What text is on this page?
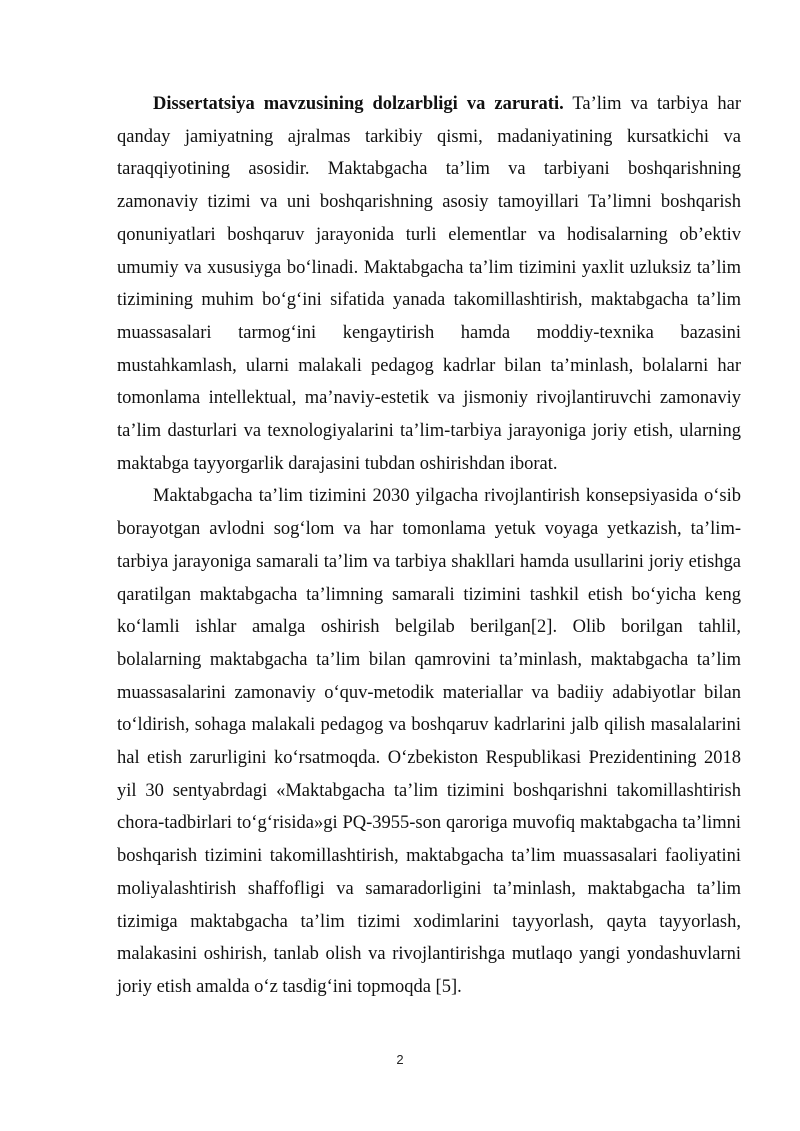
Dissertatsiya mavzusining dolzarbligi va zarurati. Ta’lim va tarbiya har qanday jamiyatning ajralmas tarkibiy qismi, madaniyatining kursatkichi va taraqqiyotining asosidir. Maktabgacha ta’lim va tarbiyani boshqarishning zamonaviy tizimi va uni boshqarishning asosiy tamoyillari Ta’limni boshqarish qonuniyatlari boshqaruv jarayonida turli elementlar va hodisalarning ob’ektiv umumiy va xususiyga bo‘linadi. Maktabgacha ta’lim tizimini yaxlit uzluksiz ta’lim tizimining muhim bo‘g‘ini sifatida yanada takomillashtirish, maktabgacha ta’lim muassasalari tarmog‘ini kengaytirish hamda moddiy-texnika bazasini mustahkamlash, ularni malakali pedagog kadrlar bilan ta’minlash, bolalarni har tomonlama intellektual, ma’naviy-estetik va jismoniy rivojlantiruvchi zamonaviy ta’lim dasturlari va texnologiyalarini ta’lim-tarbiya jarayoniga joriy etish, ularning maktabga tayyorgarlik darajasini tubdan oshirishdan iborat.

Maktabgacha ta’lim tizimini 2030 yilgacha rivojlantirish konsepsiyasida o‘sib borayotgan avlodni sog‘lom va har tomonlama yetuk voyaga yetkazish, ta’lim-tarbiya jarayoniga samarali ta’lim va tarbiya shakllari hamda usullarini joriy etishga qaratilgan maktabgacha ta’limning samarali tizimini tashkil etish bo‘yicha keng ko‘lamli ishlar amalga oshirish belgilab berilgan[2]. Olib borilgan tahlil, bolalarning maktabgacha ta’lim bilan qamrovini ta’minlash, maktabgacha ta’lim muassasalarini zamonaviy o‘quv-metodik materiallar va badiiy adabiyotlar bilan to‘ldirish, sohaga malakali pedagog va boshqaruv kadrlarini jalb qilish masalalarini hal etish zarurligini ko‘rsatmoqda. O‘zbekiston Respublikasi Prezidentining 2018 yil 30 sentyabrdagi «Maktabgacha ta’lim tizimini boshqarishni takomillashtirish chora-tadbirlari to‘g‘risida»gi PQ-3955-son qaroriga muvofiq maktabgacha ta’limni boshqarish tizimini takomillashtirish, maktabgacha ta’lim muassasalari faoliyatini moliyalashtirish shaffofligi va samaradorligini ta’minlash, maktabgacha ta’lim tizimiga maktabgacha ta’lim tizimi xodimlarini tayyorlash, qayta tayyorlash, malakasini oshirish, tanlab olish va rivojlantirishga mutlaqo yangi yondashuvlarni joriy etish amalda o‘z tasdig‘ini topmoqda [5].

2
